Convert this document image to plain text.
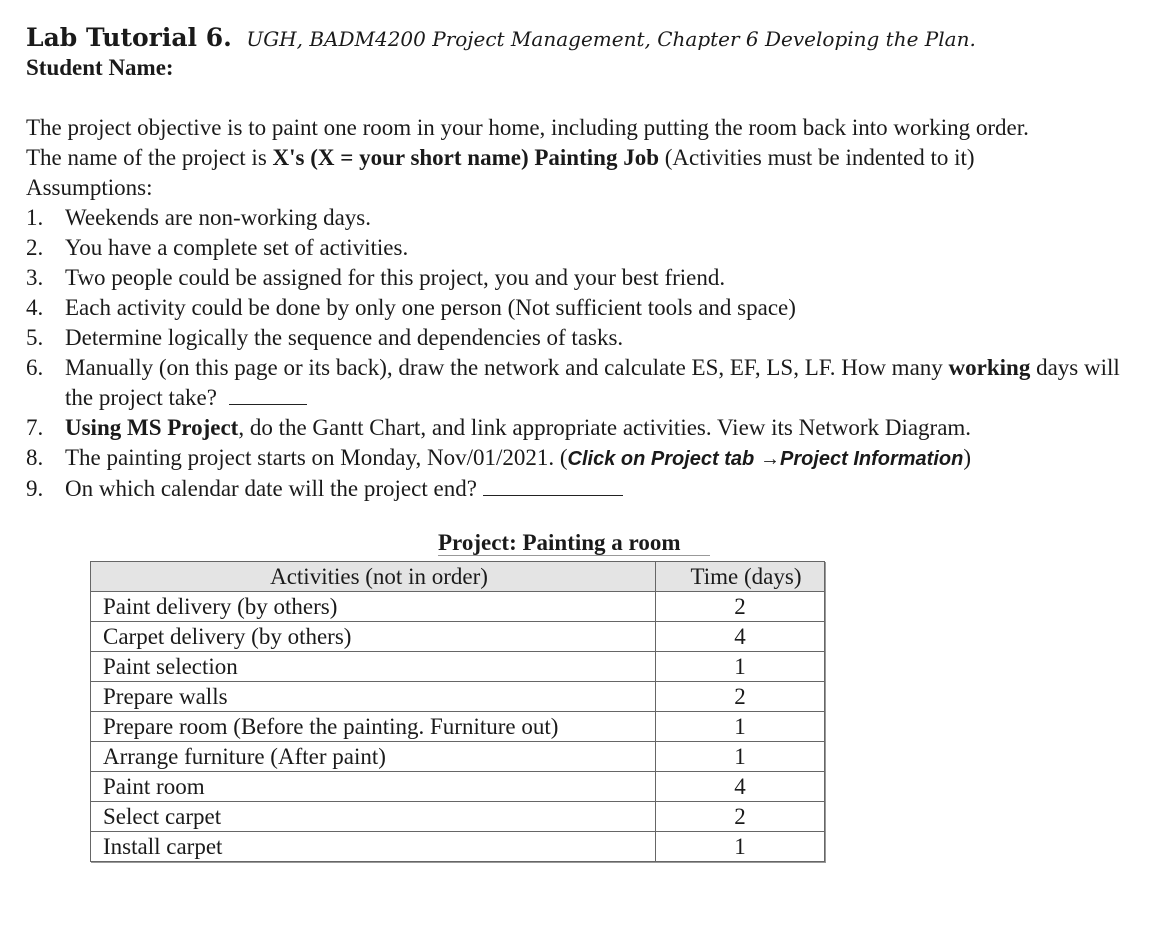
Lab Tutorial 6. UGH, BADM4200 Project Management, Chapter 6 Developing the Plan.
Student Name:

The project objective is to paint one room in your home, including putting the room back into working order.

The name of the project is X's (X = your short name) Painting Job (Activities must be indented to it)

Assumptions:

1. Weekends are non-working days.
2. You have a complete set of activities.
3. Two people could be assigned for this project, you and your best friend.
4. Each activity could be done by only one person (Not sufficient tools and space)
5. Determine logically the sequence and dependencies of tasks.
6. Manually (on this page or its back), draw the network and calculate ES, EF, LS, LF. How many working days will the project take?
7. Using MS Project, do the Gantt Chart, and link appropriate activities. View its Network Diagram.
8. The painting project starts on Monday, Nov/01/2021. (Click on Project tab →Project Information)
9. On which calendar date will the project end?
Project: Painting a room
Activities (not in order)	Time (days)
Paint delivery (by others)	2
Carpet delivery (by others)	4
Paint selection	1
Prepare walls	2
Prepare room (Before the painting. Furniture out)	1
Arrange furniture (After paint)	1
Paint room	4
Select carpet	2
Install carpet	1
